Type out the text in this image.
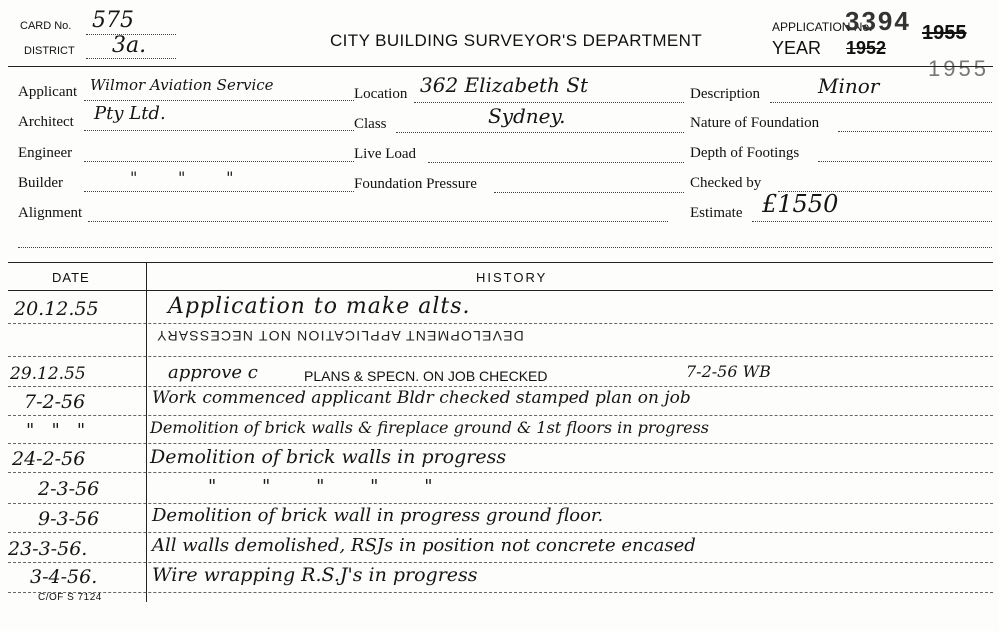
CARD No. 575
DISTRICT 3a.	CITY BUILDING SURVEYOR'S DEPARTMENT
APPLICATION No.
3394
YEAR 1952
1955
1955
Applicant Wilmor Aviation Service
Architect Pty Ltd.
Engineer
Builder	"        "        "
Alignment
Location 362 Elizabeth St
Class	Sydney.
Live Load
Foundation Pressure
Description	Minor
Nature of Foundation
Depth of Footings
Checked by
Estimate £1550
DATE	HISTORY
20.12.55	Application to make alts.
DEVELOPMENT APPLICATION NOT NECESSARY
29.12.55	approve c	PLANS & SPECN. ON JOB CHECKED	7-2-56 WB
7-2-56	Work commenced applicant Bldr checked stamped plan on job
"   "   "	Demolition of brick walls & fireplace ground & 1st floors in progress
24-2-56	Demolition of brick walls in progress
2-3-56	"        "        "        "        "
9-3-56	Demolition of brick wall in progress ground floor.
23-3-56.	All walls demolished, RSJs in position not concrete encased
3-4-56.	Wire wrapping R.S.J's in progress
C/OF S 7124
